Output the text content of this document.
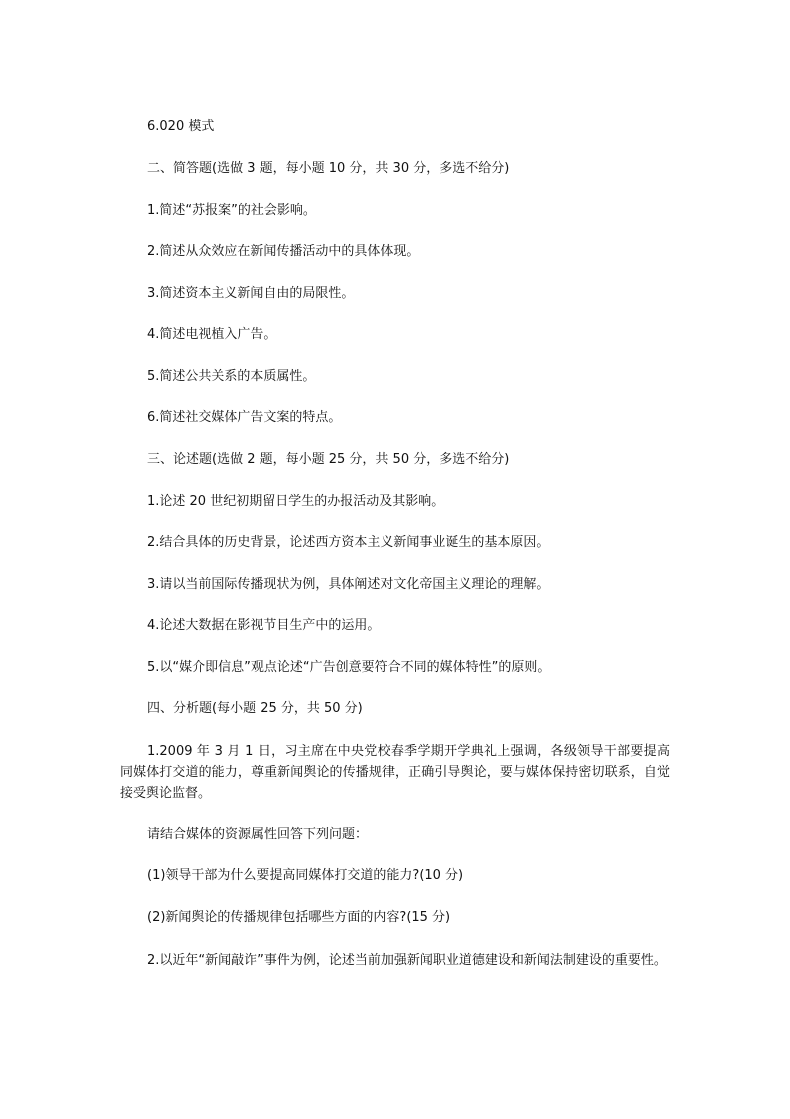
6.020 模式
二、简答题(选做 3 题，每小题 10 分，共 30 分，多选不给分)
1.简述“苏报案”的社会影响。
2.简述从众效应在新闻传播活动中的具体体现。
3.简述资本主义新闻自由的局限性。
4.简述电视植入广告。
5.简述公共关系的本质属性。
6.简述社交媒体广告文案的特点。
三、论述题(选做 2 题，每小题 25 分，共 50 分，多选不给分)
1.论述 20 世纪初期留日学生的办报活动及其影响。
2.结合具体的历史背景，论述西方资本主义新闻事业诞生的基本原因。
3.请以当前国际传播现状为例，具体阐述对文化帝国主义理论的理解。
4.论述大数据在影视节目生产中的运用。
5.以“媒介即信息”观点论述“广告创意要符合不同的媒体特性”的原则。
四、分析题(每小题 25 分，共 50 分)
1.2009 年 3 月 1 日，习主席在中央党校春季学期开学典礼上强调，各级领导干部要提高同媒体打交道的能力，尊重新闻舆论的传播规律，正确引导舆论，要与媒体保持密切联系，自觉接受舆论监督。
请结合媒体的资源属性回答下列问题：
(1)领导干部为什么要提高同媒体打交道的能力?(10 分)
(2)新闻舆论的传播规律包括哪些方面的内容?(15 分)
2.以近年“新闻敲诈”事件为例，论述当前加强新闻职业道德建设和新闻法制建设的重要性。
